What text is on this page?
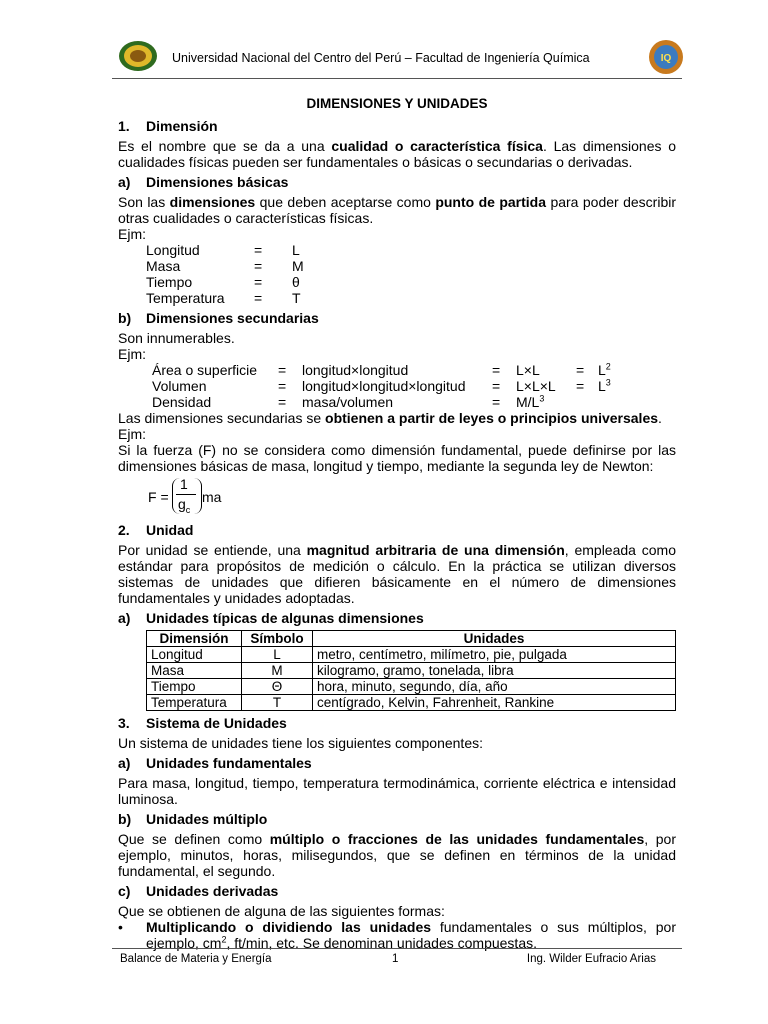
Universidad Nacional del Centro del Perú – Facultad de Ingeniería Química	IQ
DIMENSIONES Y UNIDADES
1.	Dimensión

Es el nombre que se da a una cualidad o característica física. Las dimensiones o cualidades físicas pueden ser fundamentales o básicas o secundarias o derivadas.

a)	Dimensiones básicas

Son las dimensiones que deben aceptarse como punto de partida para poder describir otras cualidades o características físicas.

Ejm:
Longitud	=	L
Masa	=	M
Tiempo	=	θ
Temperatura	=	T
b)	Dimensiones secundarias
Son innumerables.
Ejm:
Área o superficie	=	longitud×longitud	=	L×L	= $L^2$
Volumen	=	longitud×longitud×longitud	=	L×L×L	= $L^3$
Densidad	=	masa/volumen	=	$M/L^3$

Las dimensiones secundarias se obtienen a partir de leyes o principios universales.

Ejm:

Si la fuerza (F) no se considera como dimensión fundamental, puede definirse por las dimensiones básicas de masa, longitud y tiempo, mediante la segunda ley de Newton:

F =
1
$g_c$
ma
2.	Unidad

Por unidad se entiende, una magnitud arbitraria de una dimensión, empleada como estándar para propósitos de medición o cálculo. En la práctica se utilizan diversos sistemas de unidades que difieren básicamente en el número de dimensiones fundamentales y unidades adoptadas.

a)	Unidades típicas de algunas dimensiones
Dimensión	Símbolo	Unidades
Longitud	L	metro, centímetro, milímetro, pie, pulgada
Masa	M	kilogramo, gramo, tonelada, libra
Tiempo	Θ	hora, minuto, segundo, día, año
Temperatura	T	centígrado, Kelvin, Fahrenheit, Rankine
3.	Sistema de Unidades

Un sistema de unidades tiene los siguientes componentes:

a)	Unidades fundamentales

Para masa, longitud, tiempo, temperatura termodinámica, corriente eléctrica e intensidad luminosa.

b)	Unidades múltiplo

Que se definen como múltiplo o fracciones de las unidades fundamentales, por ejemplo, minutos, horas, milisegundos, que se definen en términos de la unidad fundamental, el segundo.

c)	Unidades derivadas

Que se obtienen de alguna de las siguientes formas:

•	Multiplicando o dividiendo las unidades fundamentales o sus múltiplos, por ejemplo, $cm^2$, ft/min, etc. Se denominan unidades compuestas.

Balance de Materia y Energía	1	Ing. Wilder Eufracio Arias
